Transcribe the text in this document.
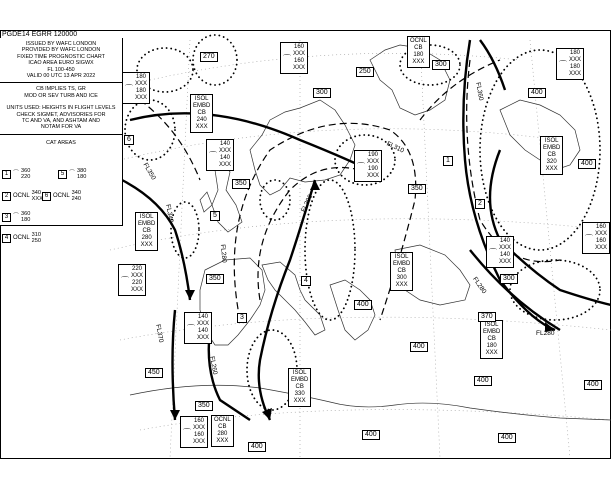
PGDE14 EGRR 120000
ISSUED BY WAFC LONDON
PROVIDED BY WAFC LONDON
FIXED TIME PROGNOSTIC CHART
ICAO AREA EURO SIGWX
FL 100-450
VALID 00 UTC 13 APR 2022
CB IMPLIES TS, GR
MOD OR SEV TURB AND ICE
UNITS USED: HEIGHTS IN FLIGHT LEVELS
CHECK SIGMET, ADVISORIES FOR
TC AND VA, AND ASHTAM AND
NOTAM FOR VA
CAT AREAS
1 ⌒
360
220
5 ⌒
380
180
2 OCNL
340
XXX
6 OCNL
340
240
3 ⌒
360
180
4 OCNL
310
250
ISOL
EMBD
CB
240
XXX
OCNL
CB
180
XXX
ISOL
EMBD
CB
320
XXX
ISOL
EMBD
CB
280
XXX
ISOL
EMBD
CB
300
XXX
ISOL
EMBD
CB
330
XXX
ISOL
EMBD
CB
180
XXX
OCNL
CB
280
XXX
⌒
160
XXX
160
XXX
⌒
180
XXX
180
XXX
⌒
140
XXX
140
XXX	⌒
190
XXX
190
XXX
⌒
220
XXX
220
XXX
⌒
140
XXX
140
XXX
⌒
160
XXX
160
XXX
⌒
180
XXX
180
XXX
⌒
140
XXX
140
XXX
⌒
160
XXX
160
XXX
270
300
250
300
400
350
350
400
300
400
350
450
400
370
350
400
400	400
400
400
FL350
FL310
FL340
FL300
FL370
FL280
FL360
FL260
FL280
FL280
1
2
3
4
5
6
